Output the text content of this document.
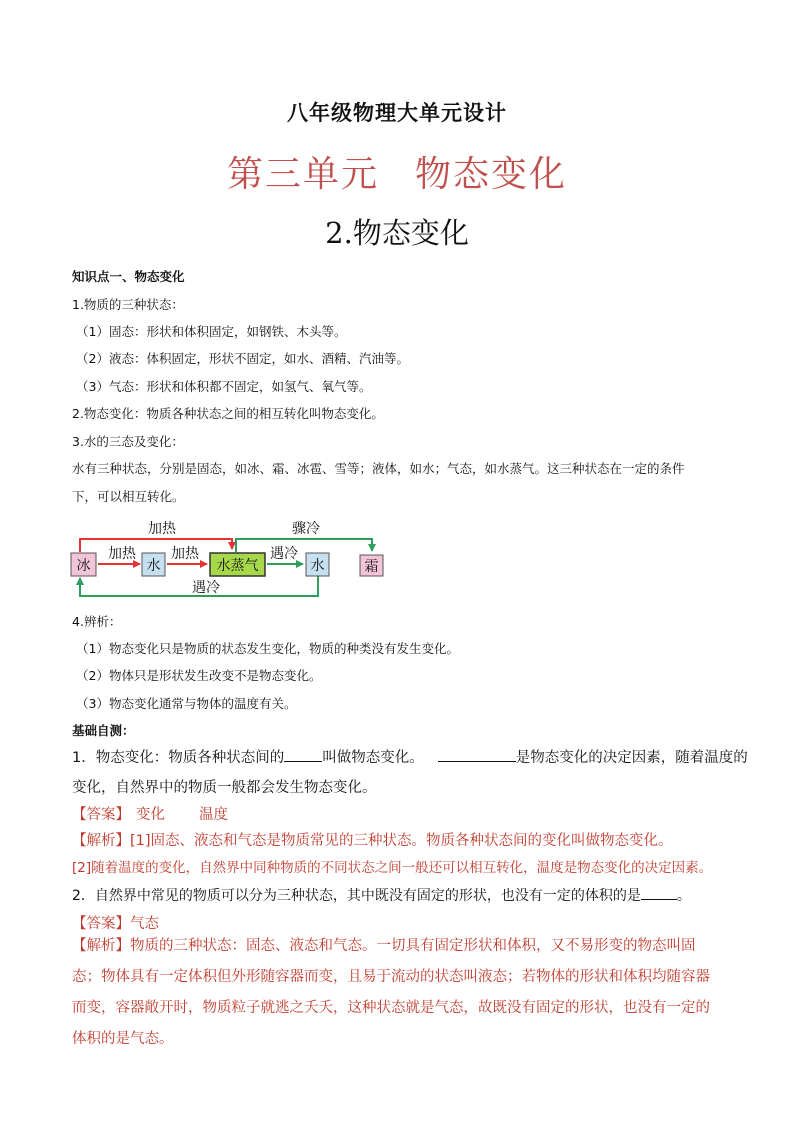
八年级物理大单元设计
第三单元 物态变化
2.物态变化
知识点一、物态变化
1.物质的三种状态：
（1）固态：形状和体积固定，如钢铁、木头等。
（2）液态：体积固定，形状不固定，如水、酒精、汽油等。
（3）气态：形状和体积都不固定，如氢气、氧气等。
2.物态变化：物质各种状态之间的相互转化叫物态变化。
3.水的三态及变化：
水有三种状态，分别是固态，如冰、霜、冰雹、雪等；液体，如水；气态，如水蒸气。这三种状态在一定的条件
下，可以相互转化。
冰	水	水蒸气	水	霜
加热
加热	加热
骤冷
遇冷
遇冷
4.辨析：
（1）物态变化只是物质的状态发生变化，物质的种类没有发生变化。
（2）物体只是形状发生改变不是物态变化。
（3）物态变化通常与物体的温度有关。
基础自测：
1．物态变化：物质各种状态间的	叫做物态变化。	是物态变化的决定因素，随着温度的
变化，自然界中的物质一般都会发生物态变化。
【答案】 变化 温度
【解析】[1]固态、液态和气态是物质常见的三种状态。物质各种状态间的变化叫做物态变化。
[2]随着温度的变化，自然界中同种物质的不同状态之间一般还可以相互转化，温度是物态变化的决定因素。
2．自然界中常见的物质可以分为三种状态，其中既没有固定的形状，也没有一定的体积的是	。
【答案】气态
【解析】物质的三种状态：固态、液态和气态。一切具有固定形状和体积，又不易形变的物态叫固态；物体具有一定体积但外形随容器而变，且易于流动的状态叫液态；若物体的形状和体积均随容器而变，容器敞开时，物质粒子就逃之夭夭，这种状态就是气态，故既没有固定的形状，也没有一定的体积的是气态。
